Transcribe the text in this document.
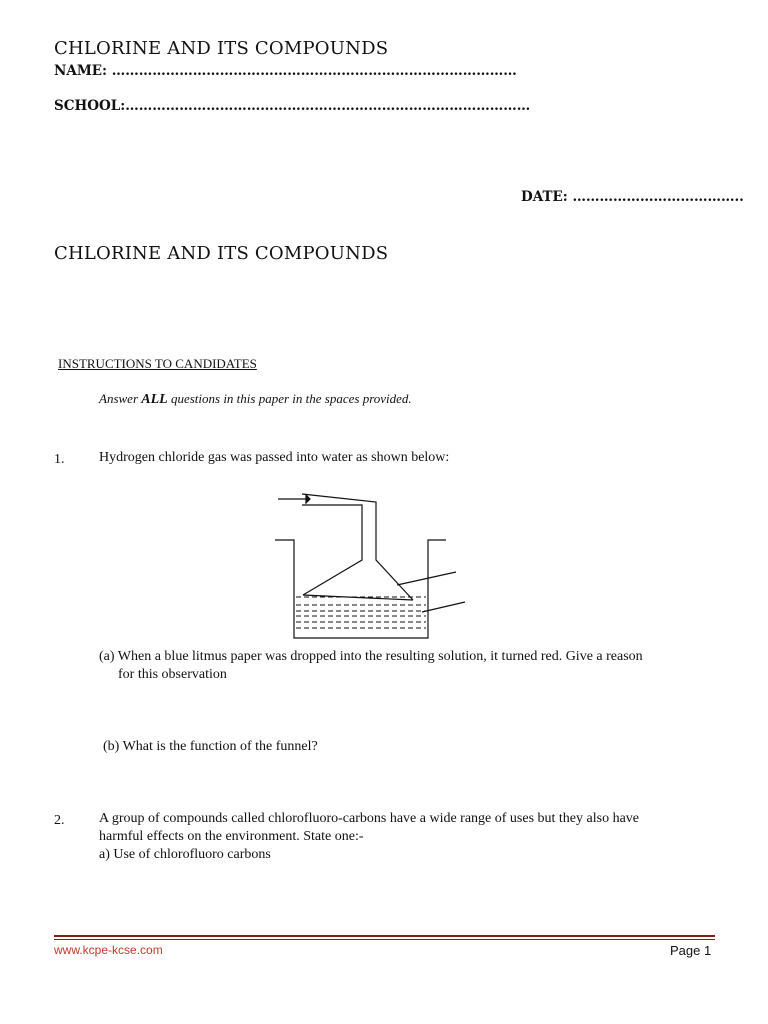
CHLORINE AND ITS COMPOUNDS
NAME: ………………………………………………………………………………
SCHOOL:………………………………………………………………………………
DATE: ………………………………..
CHLORINE AND ITS COMPOUNDS
INSTRUCTIONS TO CANDIDATES
Answer ALL questions in this paper in the spaces provided.
1. Hydrogen chloride gas was passed into water as shown below:
(a) When a blue litmus paper was dropped into the resulting solution, it turned red. Give a reason
for this observation
(b) What is the function of the funnel?
2. A group of compounds called chlorofluoro-carbons have a wide range of uses but they also have
harmful effects on the environment. State one:-
a) Use of chlorofluoro carbons
www.kcpe-kcse.com	Page 1
